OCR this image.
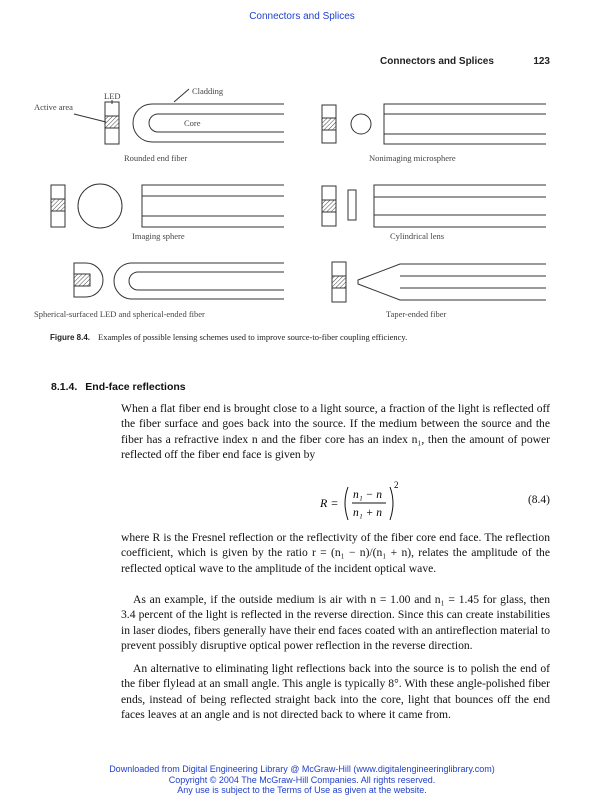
Connectors and Splices
Connectors and Splices	123
LED
Active area
Cladding
Core
Rounded end fiber	Nonimaging microsphere
Imaging sphere	Cylindrical lens
Spherical-surfaced LED and spherical-ended fiber	Taper-ended fiber
Figure 8.4. Examples of possible lensing schemes used to improve source-to-fiber coupling efficiency.
8.1.4. End-face reflections

When a flat fiber end is brought close to a light source, a fraction of the light is reflected off the fiber surface and goes back into the source. If the medium between the source and the fiber has a refractive index n and the fiber core has an index n₁, then the amount of power reflected off the fiber end face is given by

R =
n₁ − n
n₁ + n
2
(8.4)

where R is the Fresnel reflection or the reflectivity of the fiber core end face. The reflection coefficient, which is given by the ratio r = (n₁ − n)/(n₁ + n), relates the amplitude of the reflected optical wave to the amplitude of the incident optical wave.

As an example, if the outside medium is air with n = 1.00 and n₁ = 1.45 for glass, then 3.4 percent of the light is reflected in the reverse direction. Since this can create instabilities in laser diodes, fibers generally have their end faces coated with an antireflection material to prevent possibly disruptive optical power reflection in the reverse direction.

An alternative to eliminating light reflections back into the source is to polish the end of the fiber flylead at an small angle. This angle is typically 8°. With these angle-polished fiber ends, instead of being reflected straight back into the core, light that bounces off the end faces leaves at an angle and is not directed back to where it came from.

Downloaded from Digital Engineering Library @ McGraw-Hill (www.digitalengineeringlibrary.com)
Copyright © 2004 The McGraw-Hill Companies. All rights reserved.
Any use is subject to the Terms of Use as given at the website.
